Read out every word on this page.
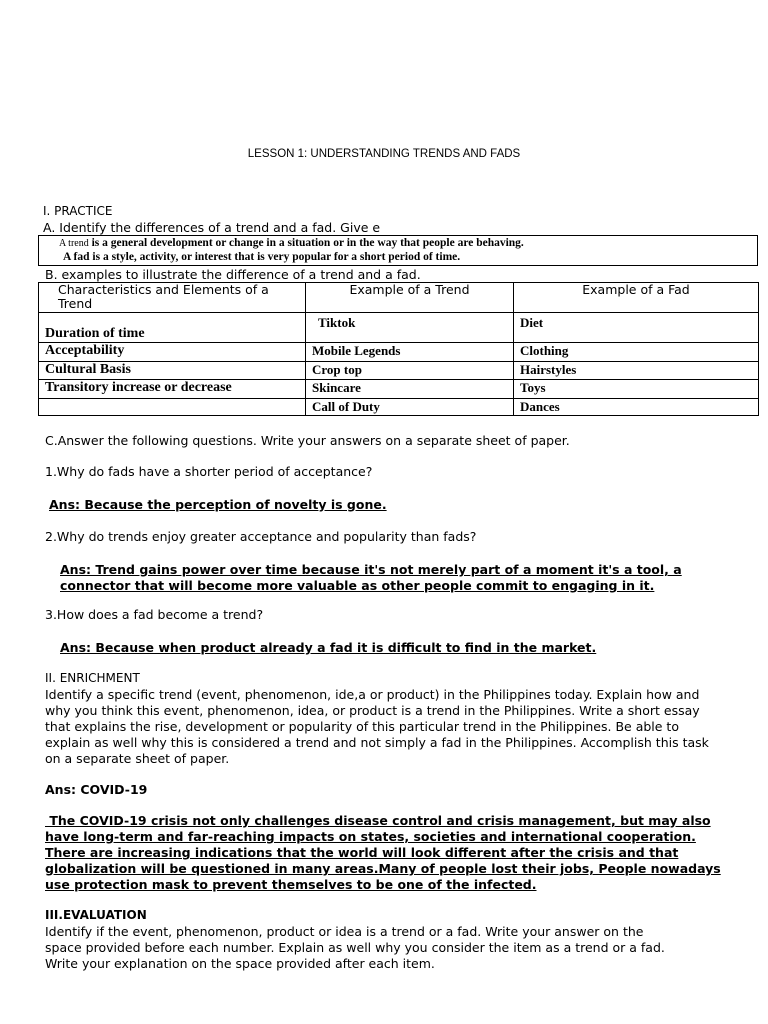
LESSON 1: UNDERSTANDING TRENDS AND FADS
I. PRACTICE
A. Identify the differences of a trend and a fad. Give e
A trend is a general development or change in a situation or in the way that people are behaving.
A fad is a style, activity, or interest that is very popular for a short period of time.
B. examples to illustrate the difference of a trend and a fad.
Characteristics and Elements of a Trend	Example of a Trend	Example of a Fad
Duration of time	Tiktok	Diet
Acceptability	Mobile Legends	Clothing
Cultural Basis	Crop top	Hairstyles
Transitory increase or decrease	Skincare	Toys
	Call of Duty	Dances
C.Answer the following questions. Write your answers on a separate sheet of paper.
1.Why do fads have a shorter period of acceptance?
Ans: Because the perception of novelty is gone.
2.Why do trends enjoy greater acceptance and popularity than fads?
Ans: Trend gains power over time because it's not merely part of a moment it's a tool, a
connector that will become more valuable as other people commit to engaging in it.
3.How does a fad become a trend?
Ans: Because when product already a fad it is difficult to find in the market.
II. ENRICHMENT
Identify a specific trend (event, phenomenon, ide,a or product) in the Philippines today. Explain how and
why you think this event, phenomenon, idea, or product is a trend in the Philippines. Write a short essay
that explains the rise, development or popularity of this particular trend in the Philippines. Be able to
explain as well why this is considered a trend and not simply a fad in the Philippines. Accomplish this task
on a separate sheet of paper.
Ans: COVID-19
The COVID-19 crisis not only challenges disease control and crisis management, but may also
have long-term and far-reaching impacts on states, societies and international cooperation.
There are increasing indications that the world will look different after the crisis and that
globalization will be questioned in many areas.Many of people lost their jobs, People nowadays
use protection mask to prevent themselves to be one of the infected.
III.EVALUATION
Identify if the event, phenomenon, product or idea is a trend or a fad. Write your answer on the
space provided before each number. Explain as well why you consider the item as a trend or a fad.
Write your explanation on the space provided after each item.
